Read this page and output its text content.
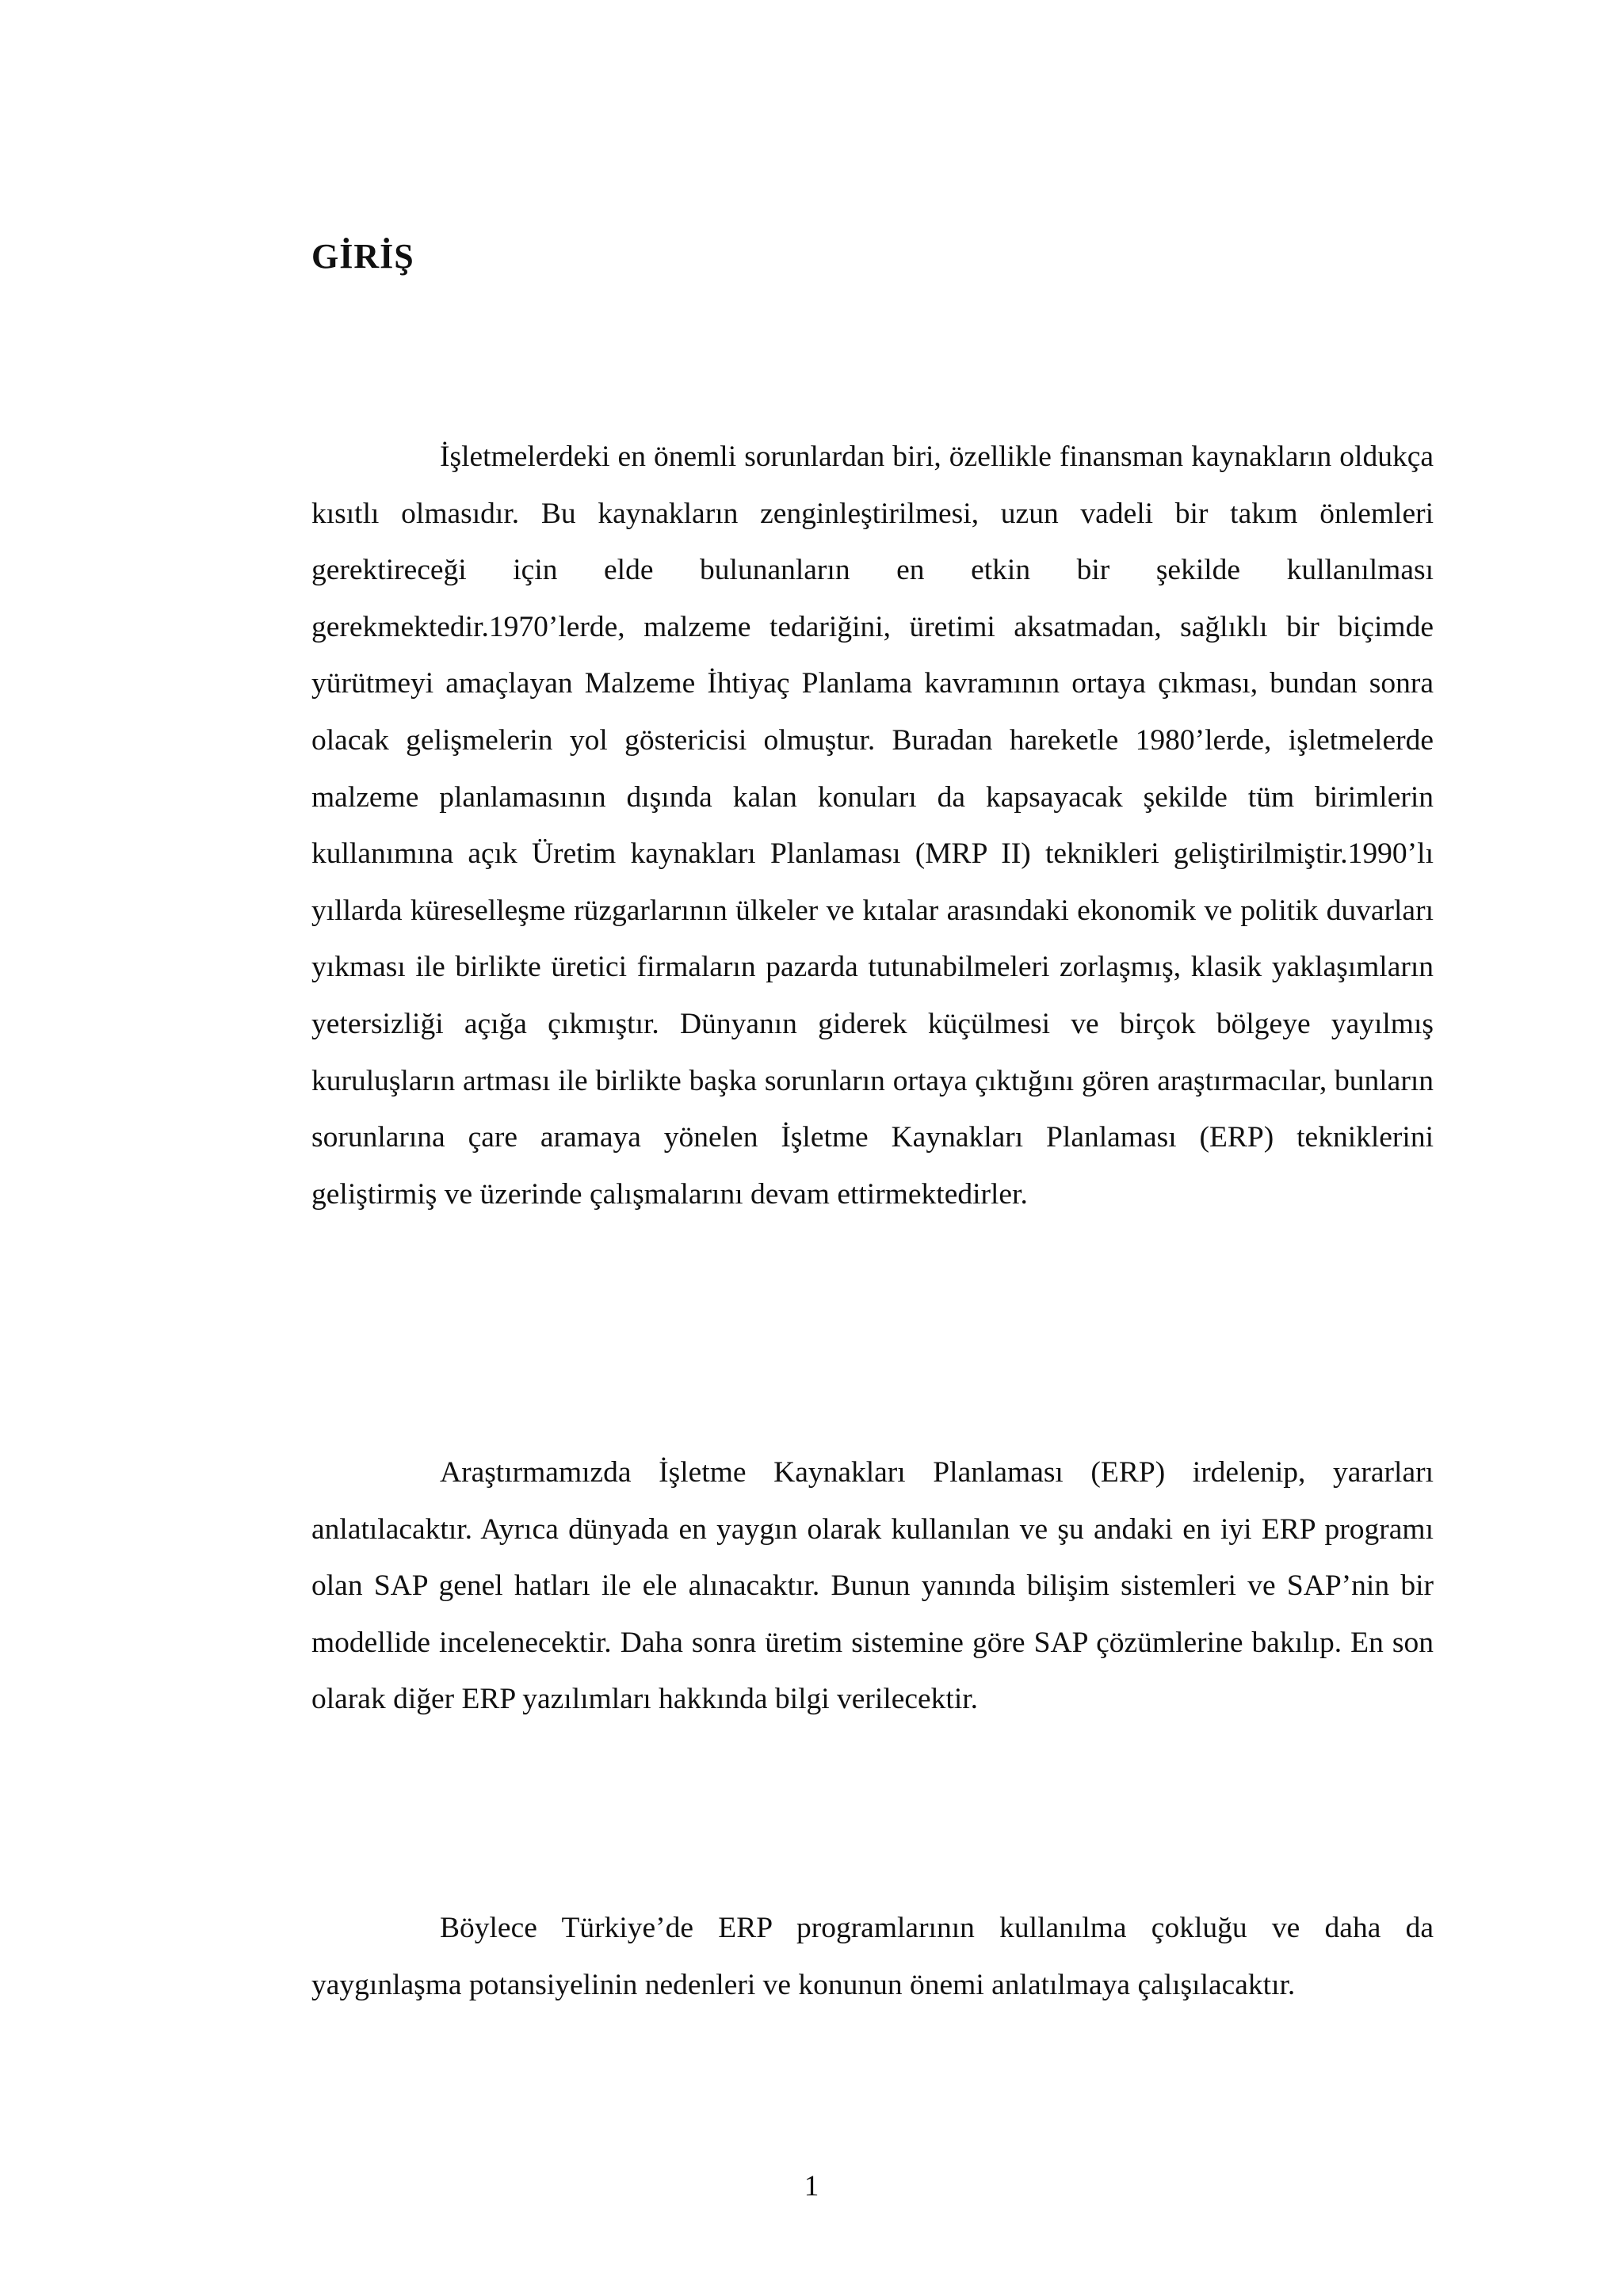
GİRİŞ

İşletmelerdeki en önemli sorunlardan biri, özellikle finansman kaynakların oldukça kısıtlı olmasıdır. Bu kaynakların zenginleştirilmesi, uzun vadeli bir takım önlemleri gerektireceği için elde bulunanların en etkin bir şekilde kullanılması gerekmektedir.1970’lerde, malzeme tedariğini, üretimi aksatmadan, sağlıklı bir biçimde yürütmeyi amaçlayan Malzeme İhtiyaç Planlama kavramının ortaya çıkması, bundan sonra olacak gelişmelerin yol göstericisi olmuştur. Buradan hareketle 1980’lerde, işletmelerde malzeme planlamasının dışında kalan konuları da kapsayacak şekilde tüm birimlerin kullanımına açık Üretim kaynakları Planlaması (MRP II) teknikleri geliştirilmiştir.1990’lı yıllarda küreselleşme rüzgarlarının ülkeler ve kıtalar arasındaki ekonomik ve politik duvarları yıkması ile birlikte üretici firmaların pazarda tutunabilmeleri zorlaşmış, klasik yaklaşımların yetersizliği açığa çıkmıştır. Dünyanın giderek küçülmesi ve birçok bölgeye yayılmış kuruluşların artması ile birlikte başka sorunların ortaya çıktığını gören araştırmacılar, bunların sorunlarına çare aramaya yönelen İşletme Kaynakları Planlaması (ERP) tekniklerini geliştirmiş ve üzerinde çalışmalarını devam ettirmektedirler.

Araştırmamızda İşletme Kaynakları Planlaması (ERP) irdelenip, yararları anlatılacaktır. Ayrıca dünyada en yaygın olarak kullanılan ve şu andaki en iyi ERP programı olan SAP genel hatları ile ele alınacaktır. Bunun yanında bilişim sistemleri ve SAP’nin bir modellide incelenecektir. Daha sonra üretim sistemine göre SAP çözümlerine bakılıp. En son olarak diğer ERP yazılımları hakkında bilgi verilecektir.

Böylece Türkiye’de ERP programlarının kullanılma çokluğu ve daha da yaygınlaşma potansiyelinin nedenleri ve konunun önemi anlatılmaya çalışılacaktır.

1
